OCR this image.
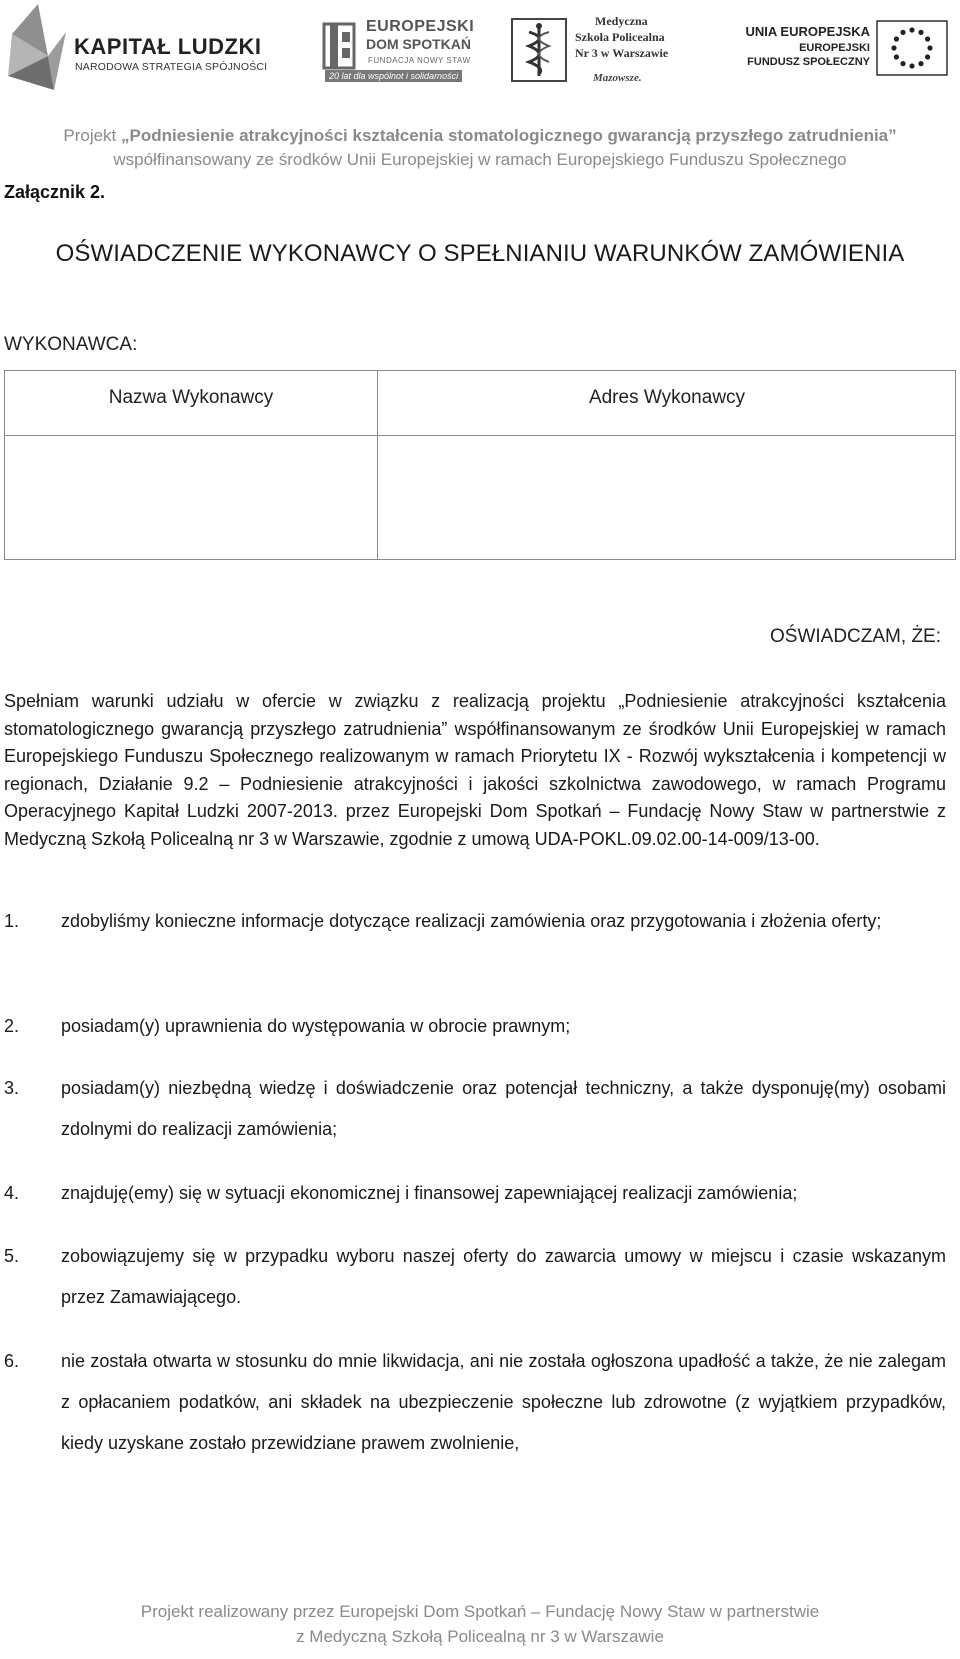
KAPITAŁ LUDZKI
NARODOWA STRATEGIA SPÓJNOŚCI
EUROPEJSKI
DOM SPOTKAŃ
FUNDACJA NOWY STAW
20 lat dla wspólnot i solidarności
Medyczna
Szkoła Policealna
Nr 3 w Warszawie
Mazowsze.
UNIA EUROPEJSKA
EUROPEJSKI
FUNDUSZ SPOŁECZNY
Projekt „Podniesienie atrakcyjności kształcenia stomatologicznego gwarancją przyszłego zatrudnienia”
współfinansowany ze środków Unii Europejskiej w ramach Europejskiego Funduszu Społecznego
Załącznik 2.
OŚWIADCZENIE WYKONAWCY O SPEŁNIANIU WARUNKÓW ZAMÓWIENIA
WYKONAWCA:
Nazwa Wykonawcy	Adres Wykonawcy
OŚWIADCZAM, ŻE:
Spełniam warunki udziału w ofercie w związku z realizacją projektu „Podniesienie atrakcyjności kształcenia stomatologicznego gwarancją przyszłego zatrudnienia” współfinansowanym ze środków Unii Europejskiej w ramach Europejskiego Funduszu Społecznego realizowanym w ramach Priorytetu IX - Rozwój wykształcenia i kompetencji w regionach, Działanie 9.2 – Podniesienie atrakcyjności i jakości szkolnictwa zawodowego, w ramach Programu Operacyjnego Kapitał Ludzki 2007-2013. przez Europejski Dom Spotkań – Fundację Nowy Staw w partnerstwie z Medyczną Szkołą Policealną nr 3 w Warszawie, zgodnie z umową UDA-POKL.09.02.00-14-009/13-00.
1. zdobyliśmy konieczne informacje dotyczące realizacji zamówienia oraz przygotowania i złożenia oferty;
2. posiadam(y) uprawnienia do występowania w obrocie prawnym;
3. posiadam(y) niezbędną wiedzę i doświadczenie oraz potencjał techniczny, a także dysponuję(my) osobami zdolnymi do realizacji zamówienia;
4. znajduję(emy) się w sytuacji ekonomicznej i finansowej zapewniającej realizacji zamówienia;
5. zobowiązujemy się w przypadku wyboru naszej oferty do zawarcia umowy w miejscu i czasie wskazanym przez Zamawiającego.
6. nie została otwarta w stosunku do mnie likwidacja, ani nie została ogłoszona upadłość a także, że nie zalegam z opłacaniem podatków, ani składek na ubezpieczenie społeczne lub zdrowotne (z wyjątkiem przypadków, kiedy uzyskane zostało przewidziane prawem zwolnienie,
Projekt realizowany przez Europejski Dom Spotkań – Fundację Nowy Staw w partnerstwie
z Medyczną Szkołą Policealną nr 3 w Warszawie
